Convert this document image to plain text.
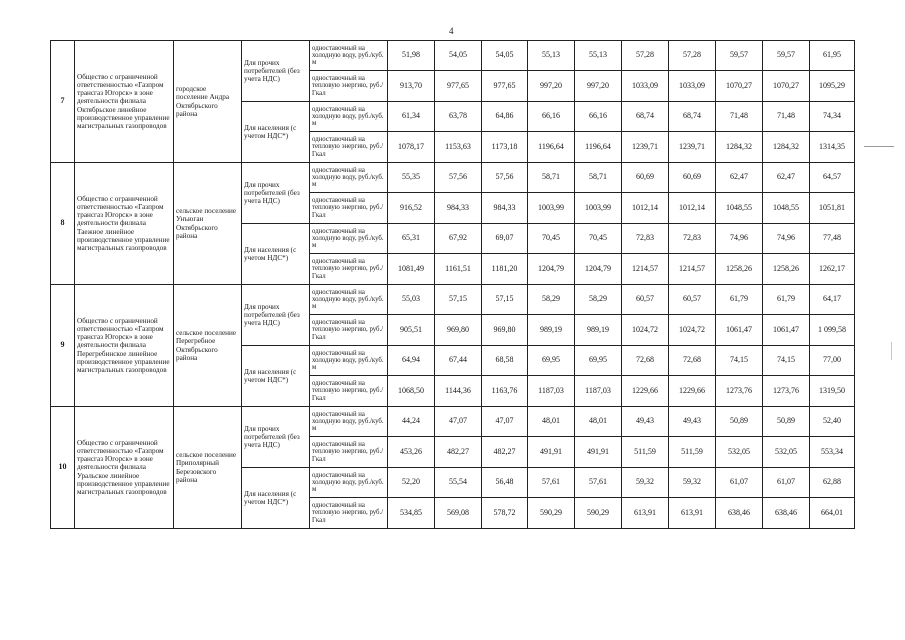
4
7	Общество с ограниченной ответственностью «Газпром трансгаз Югорск» в зоне деятельности филиала Октябрьское линейное производственное управление магистральных газопроводов	городское поселение Андра Октябрьского района	Для прочих потребителей (без учета НДС)	одноставочный на холодную воду, руб./куб. м	51,98	54,05	54,05	55,13	55,13	57,28	57,28	59,57	59,57	61,95
				одноставочный на тепловую энергию, руб./ Гкал	913,70	977,65	977,65	997,20	997,20	1033,09	1033,09	1070,27	1070,27	1095,29
			Для населения (с учетом НДС*)	одноставочный на холодную воду, руб./куб. м	61,34	63,78	64,86	66,16	66,16	68,74	68,74	71,48	71,48	74,34
				одноставочный на тепловую энергию, руб./ Гкал	1078,17	1153,63	1173,18	1196,64	1196,64	1239,71	1239,71	1284,32	1284,32	1314,35
8	Общество с ограниченной ответственностью «Газпром трансгаз Югорск» в зоне деятельности филиала Таежное линейное производственное управление магистральных газопроводов	сельское поселение Унъюган Октябрьского района	Для прочих потребителей (без учета НДС)	одноставочный на холодную воду, руб./куб. м	55,35	57,56	57,56	58,71	58,71	60,69	60,69	62,47	62,47	64,57
				одноставочный на тепловую энергию, руб./ Гкал	916,52	984,33	984,33	1003,99	1003,99	1012,14	1012,14	1048,55	1048,55	1051,81
			Для населения (с учетом НДС*)	одноставочный на холодную воду, руб./куб. м	65,31	67,92	69,07	70,45	70,45	72,83	72,83	74,96	74,96	77,48
				одноставочный на тепловую энергию, руб./ Гкал	1081,49	1161,51	1181,20	1204,79	1204,79	1214,57	1214,57	1258,26	1258,26	1262,17
9	Общество с ограниченной ответственностью «Газпром трансгаз Югорск» в зоне деятельности филиала Перегребинское линейное производственное управление магистральных газопроводов	сельское поселение Перегребное Октябрьского района	Для прочих потребителей (без учета НДС)	одноставочный на холодную воду, руб./куб. м	55,03	57,15	57,15	58,29	58,29	60,57	60,57	61,79	61,79	64,17
				одноставочный на тепловую энергию, руб./ Гкал	905,51	969,80	969,80	989,19	989,19	1024,72	1024,72	1061,47	1061,47	1 099,58
			Для населения (с учетом НДС*)	одноставочный на холодную воду, руб./куб. м	64,94	67,44	68,58	69,95	69,95	72,68	72,68	74,15	74,15	77,00
				одноставочный на тепловую энергию, руб./ Гкал	1068,50	1144,36	1163,76	1187,03	1187,03	1229,66	1229,66	1273,76	1273,76	1319,50
10	Общество с ограниченной ответственностью «Газпром трансгаз Югорск» в зоне деятельности филиала Уральское линейное производственное управление магистральных газопроводов	сельское поселение Приполярный Березовского района	Для прочих потребителей (без учета НДС)	одноставочный на холодную воду, руб./куб. м	44,24	47,07	47,07	48,01	48,01	49,43	49,43	50,89	50,89	52,40
				одноставочный на тепловую энергию, руб./ Гкал	453,26	482,27	482,27	491,91	491,91	511,59	511,59	532,05	532,05	553,34
			Для населения (с учетом НДС*)	одноставочный на холодную воду, руб./куб. м	52,20	55,54	56,48	57,61	57,61	59,32	59,32	61,07	61,07	62,88
				одноставочный на тепловую энергию, руб./ Гкал	534,85	569,08	578,72	590,29	590,29	613,91	613,91	638,46	638,46	664,01
